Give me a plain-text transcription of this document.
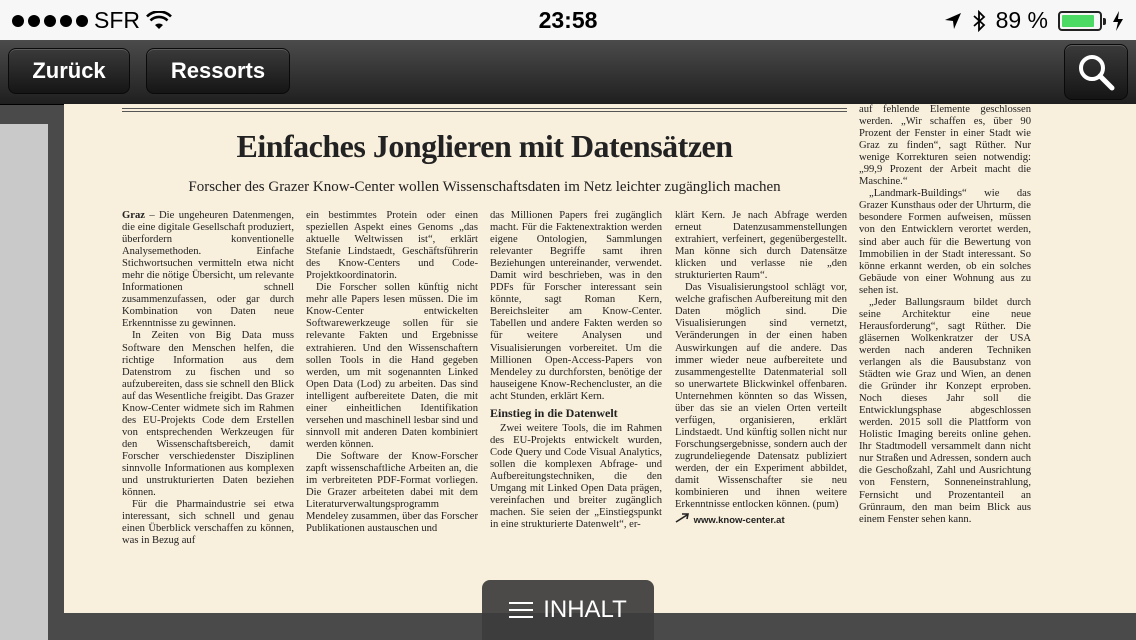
SFR	23:58	89 %
Zurück	Ressorts
Einfaches Jonglieren mit Datensätzen
Forscher des Grazer Know-Center wollen Wissenschaftsdaten im Netz leichter zugänglich machen

Graz – Die ungeheuren Datenmengen, die eine digitale Gesellschaft produziert, überfordern konventionelle Analysemethoden. Einfache Stichwortsuchen vermitteln etwa nicht mehr die nötige Übersicht, um relevante Informationen schnell zusammenzufassen, oder gar durch Kombination von Daten neue Erkenntnisse zu gewinnen.

In Zeiten von Big Data muss Software den Menschen helfen, die richtige Information aus dem Datenstrom zu fischen und so aufzubereiten, dass sie schnell den Blick auf das Wesentliche freigibt. Das Grazer Know-Center widmete sich im Rahmen des EU-Projekts Code dem Erstellen von entsprechenden Werkzeugen für den Wissenschaftsbereich, damit Forscher verschiedenster Disziplinen sinnvolle Informationen aus komplexen und unstrukturierten Daten beziehen können.

Für die Pharmaindustrie sei etwa interessant, sich schnell und genau einen Überblick verschaffen zu können, was in Bezug auf

ein bestimmtes Protein oder einen speziellen Aspekt eines Genoms „das aktuelle Weltwissen ist“, erklärt Stefanie Lindstaedt, Geschäftsführerin des Know-Centers und Code-Projektkoordinatorin.

Die Forscher sollen künftig nicht mehr alle Papers lesen müssen. Die im Know-Center entwickelten Softwarewerkzeuge sollen für sie relevante Fakten und Ergebnisse extrahieren. Und den Wissenschaftern sollen Tools in die Hand gegeben werden, um mit sogenannten Linked Open Data (Lod) zu arbeiten. Das sind intelligent aufbereitete Daten, die mit einer einheitlichen Identifikation versehen und maschinell lesbar sind und sinnvoll mit anderen Daten kombiniert werden können.

Die Software der Know-Forscher zapft wissenschaftliche Arbeiten an, die im verbreiteten PDF-Format vorliegen. Die Grazer arbeiteten dabei mit dem Literaturverwaltungsprogramm Mendeley zusammen, über das Forscher Publikationen austauschen und

das Millionen Papers frei zugänglich macht. Für die Faktenextraktion werden eigene Ontologien, Sammlungen relevanter Begriffe samt ihren Beziehungen untereinander, verwendet. Damit wird beschrieben, was in den PDFs für Forscher interessant sein könnte, sagt Roman Kern, Bereichsleiter am Know-Center. Tabellen und andere Fakten werden so für weitere Analysen und Visualisierungen vorbereitet. Um die Millionen Open-Access-Papers von Mendeley zu durchforsten, benötige der hauseigene Know-Rechencluster, an die acht Stunden, erklärt Kern.

Einstieg in die Datenwelt

Zwei weitere Tools, die im Rahmen des EU-Projekts entwickelt wurden, Code Query und Code Visual Analytics, sollen die komplexen Abfrage- und Aufbereitungstechniken, die den Umgang mit Linked Open Data prägen, vereinfachen und breiter zugänglich machen. Sie seien der „Einstiegspunkt in eine strukturierte Datenwelt“, er-

klärt Kern. Je nach Abfrage werden erneut Datenzusammenstellungen extrahiert, verfeinert, gegenübergestellt. Man könne sich durch Datensätze klicken und verlasse nie „den strukturierten Raum“.

Das Visualisierungstool schlägt vor, welche grafischen Aufbereitung mit den Daten möglich sind. Die Visualisierungen sind vernetzt, Veränderungen in der einen haben Auswirkungen auf die andere. Das immer wieder neue aufbereitete und zusammengestellte Datenmaterial soll so unerwartete Blickwinkel offenbaren. Unternehmen könnten so das Wissen, über das sie an vielen Orten verteilt verfügen, organisieren, erklärt Lindstaedt. Und künftig sollen nicht nur Forschungsergebnisse, sondern auch der zugrundeliegende Datensatz publiziert werden, der ein Experiment abbildet, damit Wissenschafter sie neu kombinieren und ihnen weitere Erkenntnisse entlocken können. (pum)

www.know-center.at

auf fehlende Elemente geschlossen werden. „Wir schaffen es, über 90 Prozent der Fenster in einer Stadt wie Graz zu finden“, sagt Rüther. Nur wenige Korrekturen seien notwendig: „99,9 Prozent der Arbeit macht die Maschine.“

„Landmark-Buildings“ wie das Grazer Kunsthaus oder der Uhrturm, die besondere Formen aufweisen, müssen von den Entwicklern verortet werden, sind aber auch für die Bewertung von Immobilien in der Stadt interessant. So könne erkannt werden, ob ein solches Gebäude von einer Wohnung aus zu sehen ist.

„Jeder Ballungsraum bildet durch seine Architektur eine neue Herausforderung“, sagt Rüther. Die gläsernen Wolkenkratzer der USA werden nach anderen Techniken verlangen als die Bausubstanz von Städten wie Graz und Wien, an denen die Gründer ihr Konzept erproben. Noch dieses Jahr soll die Entwicklungsphase abgeschlossen werden. 2015 soll die Plattform von Holistic Imaging bereits online gehen. Ihr Stadtmodell versammelt dann nicht nur Straßen und Adressen, sondern auch die Geschoßzahl, Zahl und Ausrichtung von Fenstern, Sonneneinstrahlung, Fernsicht und Prozentanteil an Grünraum, den man beim Blick aus einem Fenster sehen kann.

INHALT
